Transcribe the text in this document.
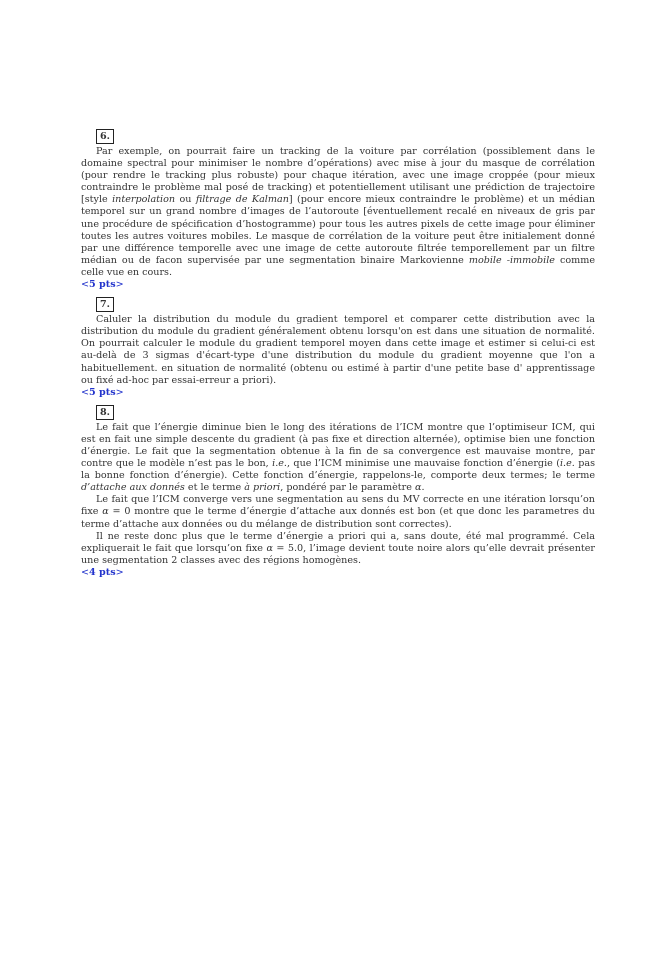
6.

Par exemple, on pourrait faire un tracking de la voiture par corrélation (possiblement dans le domaine spectral pour minimiser le nombre d’opérations) avec mise à jour du masque de corrélation (pour rendre le tracking plus robuste) pour chaque itération, avec une image croppée (pour mieux contraindre le problème mal posé de tracking) et potentiellement utilisant une prédiction de trajectoire [style interpolation ou filtrage de Kalman] (pour encore mieux contraindre le problème) et un médian temporel sur un grand nombre d’images de l’autoroute [éventuellement recalé en niveaux de gris par une procédure de spécification d’hostogramme) pour tous les autres pixels de cette image pour éliminer toutes les autres voitures mobiles. Le masque de corrélation de la voiture peut être initialement donné par une différence temporelle avec une image de cette autoroute filtrée temporellement par un filtre médian ou de facon supervisée par une segmentation binaire Markovienne mobile -immobile comme celle vue en cours.

<5 pts>
7.

Caluler la distribution du module du gradient temporel et comparer cette distribution avec la distribution du module du gradient généralement obtenu lorsqu'on est dans une situation de normalité. On pourrait calculer le module du gradient temporel moyen dans cette image et estimer si celui-ci est au-delà de 3 sigmas d'écart-type d'une distribution du module du gradient moyenne que l'on a habituellement. en situation de normalité (obtenu ou estimé à partir d'une petite base d' apprentissage ou fixé ad-hoc par essai-erreur a priori).

<5 pts>
8.

Le fait que l’énergie diminue bien le long des itérations de l’ICM montre que l’optimiseur ICM, qui est en fait une simple descente du gradient (à pas fixe et direction alternée), optimise bien une fonction d’énergie. Le fait que la segmentation obtenue à la fin de sa convergence est mauvaise montre, par contre que le modèle n’est pas le bon, i.e., que l’ICM minimise une mauvaise fonction d’énergie (i.e. pas la bonne fonction d’énergie). Cette fonction d’énergie, rappelons-le, comporte deux termes; le terme d’attache aux donnés et le terme à priori, pondéré par le paramètre α.

Le fait que l’ICM converge vers une segmentation au sens du MV correcte en une itération lorsqu’on fixe α = 0 montre que le terme d’énergie d’attache aux donnés est bon (et que donc les parametres du terme d’attache aux données ou du mélange de distribution sont correctes).

Il ne reste donc plus que le terme d’énergie a priori qui a, sans doute, été mal programmé. Cela expliquerait le fait que lorsqu’on fixe α = 5.0, l’image devient toute noire alors qu’elle devrait présenter une segmentation 2 classes avec des régions homogènes.

<4 pts>
